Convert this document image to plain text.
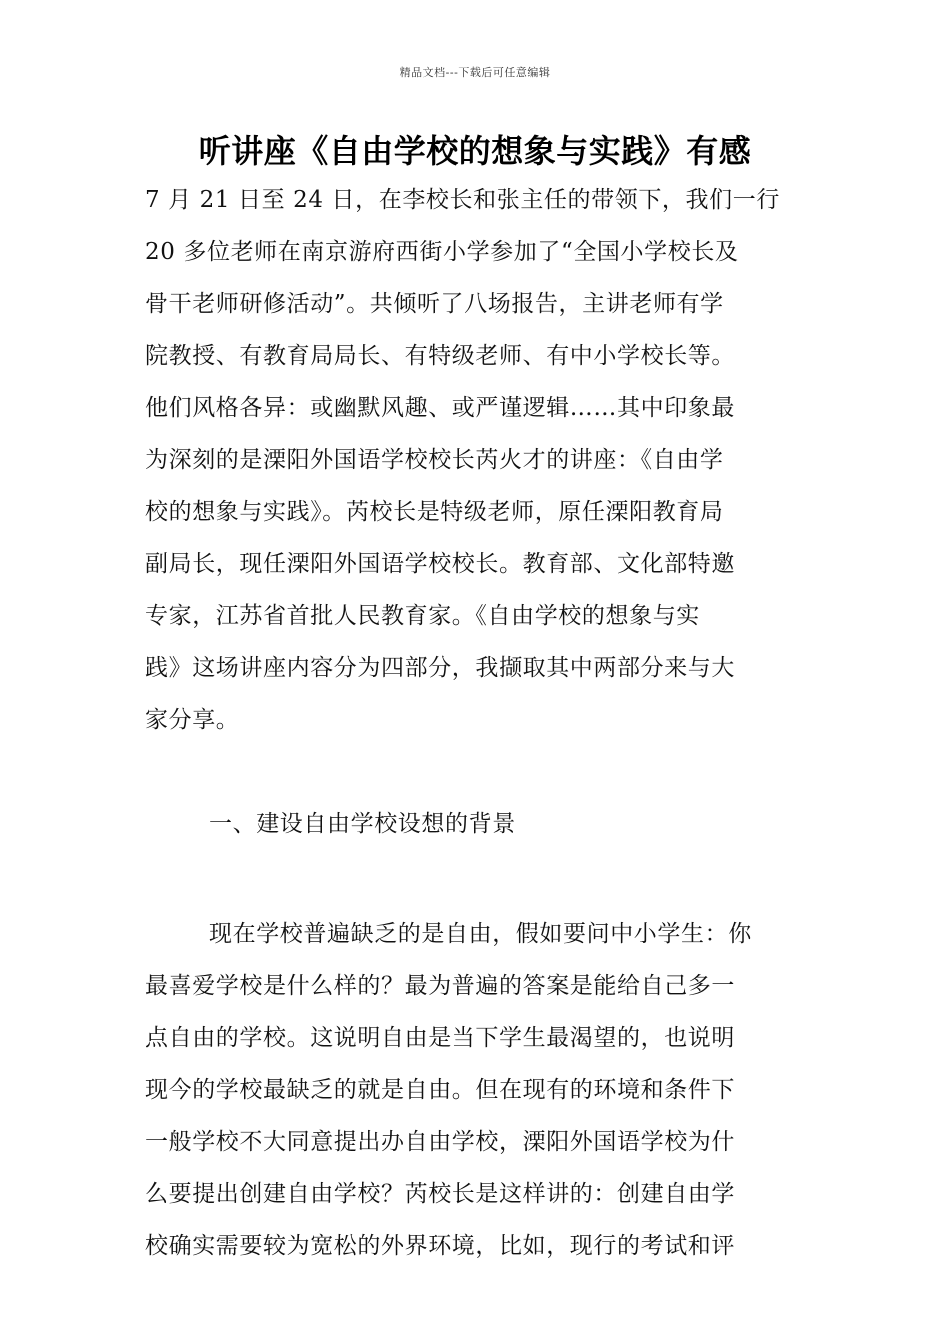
精品文档---下载后可任意编辑
听讲座《自由学校的想象与实践》有感
7 月 21 日至 24 日，在李校长和张主任的带领下，我们一行
20 多位老师在南京游府西街小学参加了“全国小学校长及
骨干老师研修活动”。共倾听了八场报告，主讲老师有学
院教授、有教育局局长、有特级老师、有中小学校长等。
他们风格各异：或幽默风趣、或严谨逻辑……其中印象最
为深刻的是溧阳外国语学校校长芮火才的讲座：《自由学
校的想象与实践》。芮校长是特级老师，原任溧阳教育局
副局长，现任溧阳外国语学校校长。教育部、文化部特邀
专家，江苏省首批人民教育家。《自由学校的想象与实
践》这场讲座内容分为四部分，我撷取其中两部分来与大
家分享。
一、建设自由学校设想的背景
现在学校普遍缺乏的是自由，假如要问中小学生：你
最喜爱学校是什么样的？最为普遍的答案是能给自己多一
点自由的学校。这说明自由是当下学生最渴望的，也说明
现今的学校最缺乏的就是自由。但在现有的环境和条件下
一般学校不大同意提出办自由学校，溧阳外国语学校为什
么要提出创建自由学校？芮校长是这样讲的：创建自由学
校确实需要较为宽松的外界环境，比如，现行的考试和评
